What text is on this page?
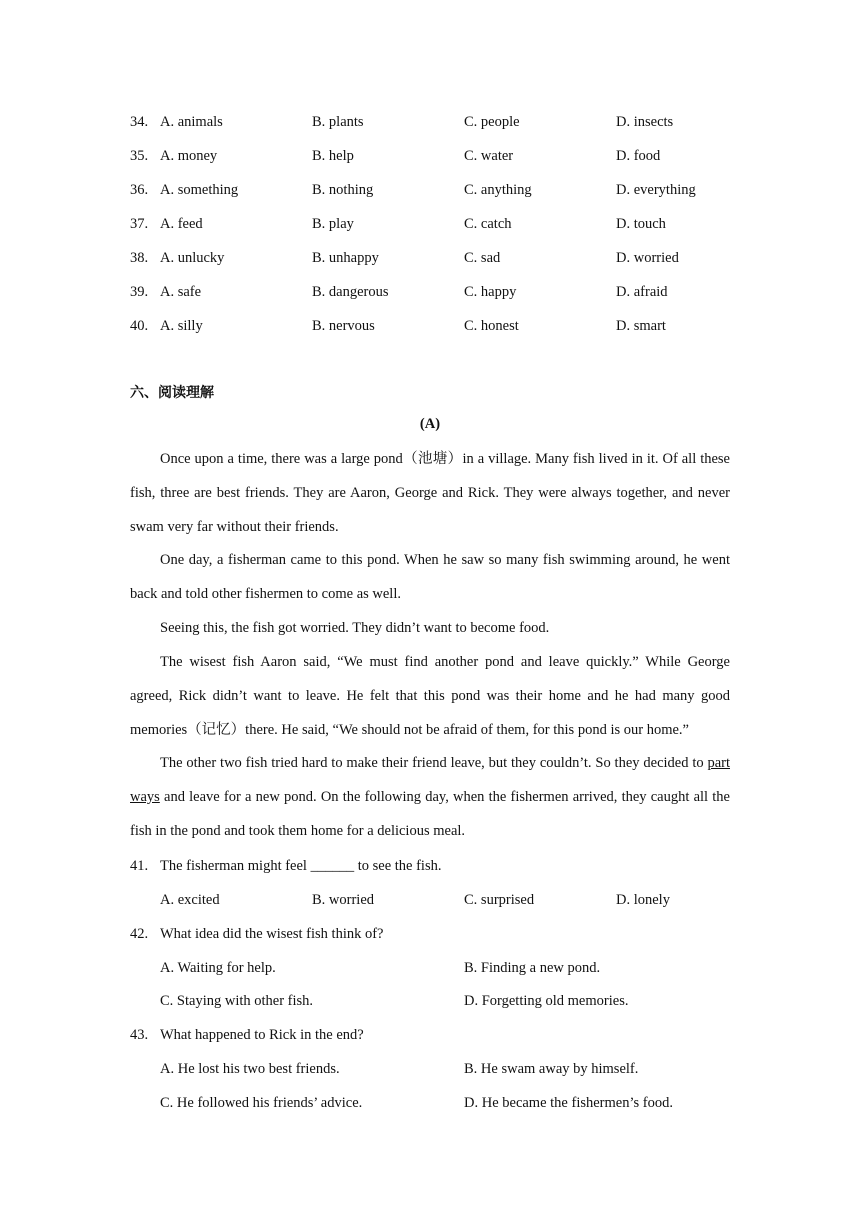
34. A. animals	B. plants	C. people	D. insects
35. A. money	B. help	C. water	D. food
36. A. something	B. nothing	C. anything	D. everything
37. A. feed	B. play	C. catch	D. touch
38. A. unlucky	B. unhappy	C. sad	D. worried
39. A. safe	B. dangerous	C. happy	D. afraid
40. A. silly	B. nervous	C. honest	D. smart
六、阅读理解
(A)

Once upon a time, there was a large pond（池塘）in a village. Many fish lived in it. Of all these fish, three are best friends. They are Aaron, George and Rick. They were always together, and never swam very far without their friends.

One day, a fisherman came to this pond. When he saw so many fish swimming around, he went back and told other fishermen to come as well.

Seeing this, the fish got worried. They didn’t want to become food.

The wisest fish Aaron said, “We must find another pond and leave quickly.” While George agreed, Rick didn’t want to leave. He felt that this pond was their home and he had many good memories（记忆）there. He said, “We should not be afraid of them, for this pond is our home.”

The other two fish tried hard to make their friend leave, but they couldn’t. So they decided to part ways and leave for a new pond. On the following day, when the fishermen arrived, they caught all the fish in the pond and took them home for a delicious meal.

41. The fisherman might feel ______ to see the fish.
A. excited	B. worried	C. surprised	D. lonely
42. What idea did the wisest fish think of?
A. Waiting for help.	B. Finding a new pond.
C. Staying with other fish.	D. Forgetting old memories.
43. What happened to Rick in the end?
A. He lost his two best friends.	B. He swam away by himself.
C. He followed his friends’ advice.	D. He became the fishermen’s food.
